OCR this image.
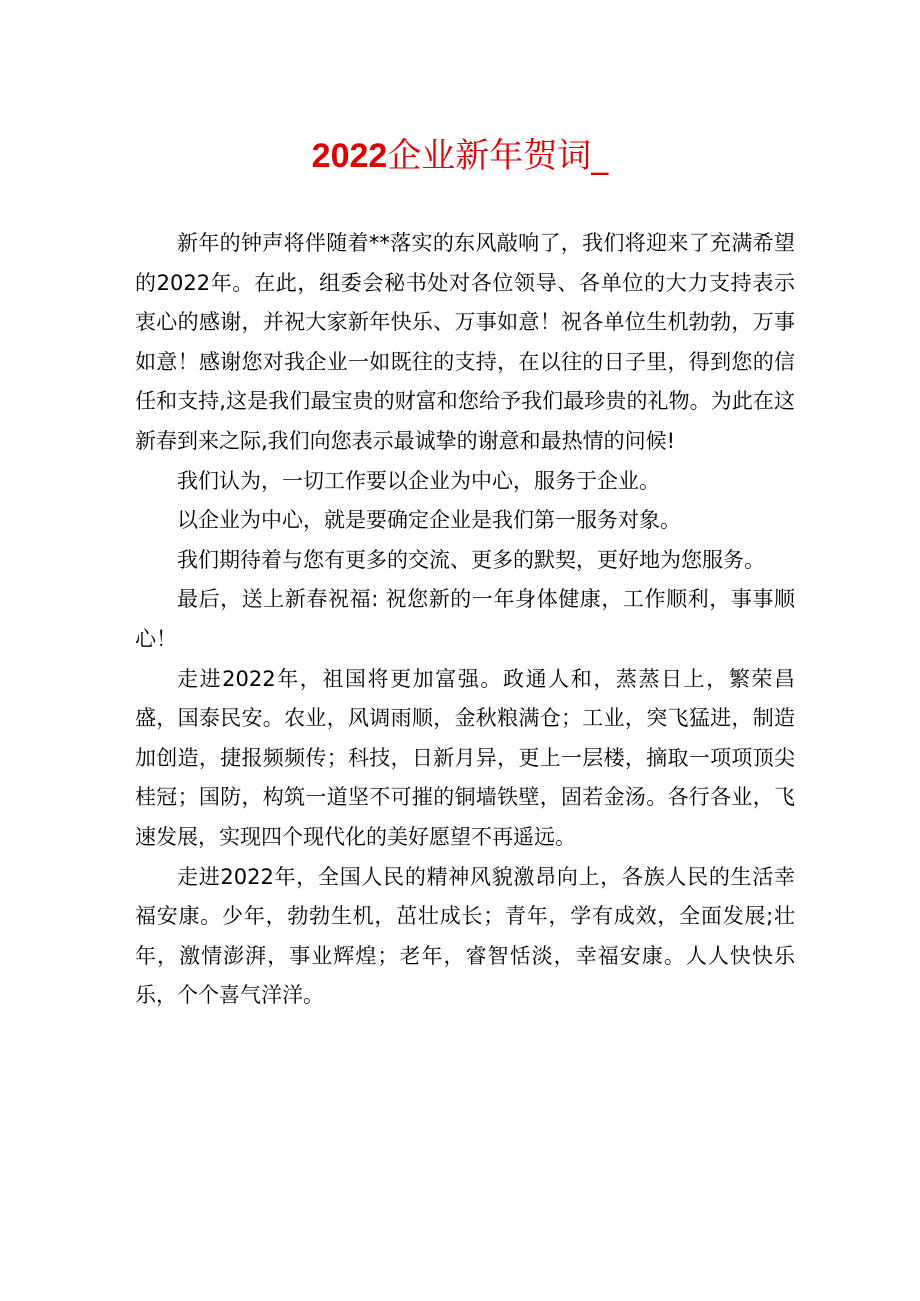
2022企业新年贺词_

新年的钟声将伴随着**落实的东风敲响了，我们将迎来了充满希望的2022年。在此，组委会秘书处对各位领导、各单位的大力支持表示衷心的感谢，并祝大家新年快乐、万事如意！祝各单位生机勃勃，万事如意！感谢您对我企业一如既往的支持，在以往的日子里，得到您的信任和支持,这是我们最宝贵的财富和您给予我们最珍贵的礼物。为此在这新春到来之际,我们向您表示最诚挚的谢意和最热情的问候!

我们认为，一切工作要以企业为中心，服务于企业。

以企业为中心，就是要确定企业是我们第一服务对象。

我们期待着与您有更多的交流、更多的默契，更好地为您服务。

最后，送上新春祝福: 祝您新的一年身体健康，工作顺利，事事顺心！

走进2022年，祖国将更加富强。政通人和，蒸蒸日上，繁荣昌盛，国泰民安。农业，风调雨顺，金秋粮满仓；工业，突飞猛进，制造加创造，捷报频频传；科技，日新月异，更上一层楼，摘取一项项顶尖桂冠；国防，构筑一道坚不可摧的铜墙铁壁，固若金汤。各行各业，飞速发展，实现四个现代化的美好愿望不再遥远。

走进2022年，全国人民的精神风貌激昂向上，各族人民的生活幸福安康。少年，勃勃生机，茁壮成长；青年，学有成效，全面发展;壮年，激情澎湃，事业辉煌；老年，睿智恬淡，幸福安康。人人快快乐乐，个个喜气洋洋。
